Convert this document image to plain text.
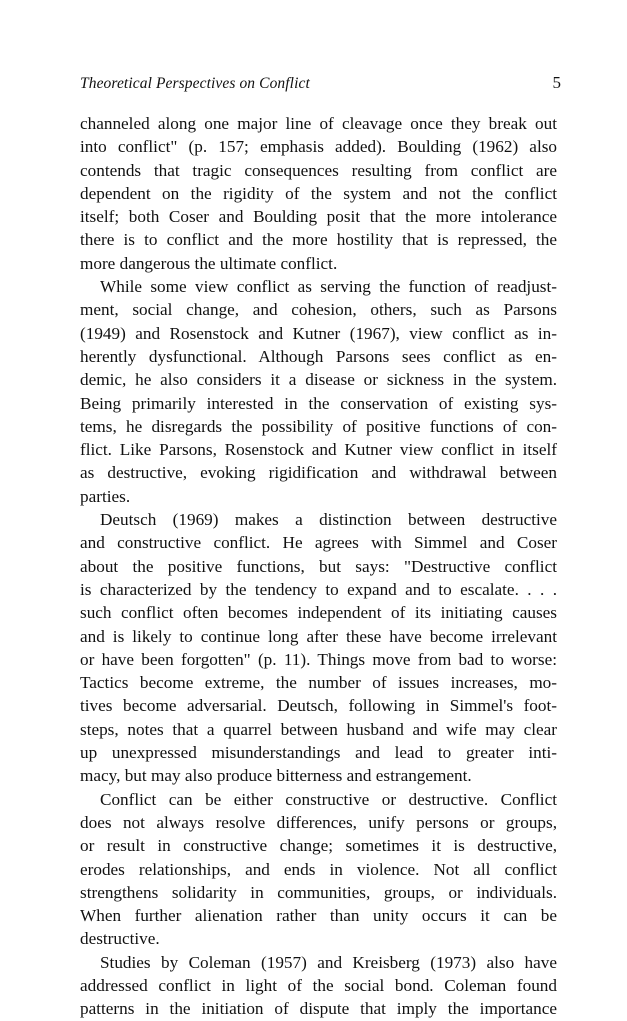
Theoretical Perspectives on Conflict	5
channeled along one major line of cleavage once they break out
into conflict" (p. 157; emphasis added). Boulding (1962) also
contends that tragic consequences resulting from conflict are
dependent on the rigidity of the system and not the conflict
itself; both Coser and Boulding posit that the more intolerance
there is to conflict and the more hostility that is repressed, the
more dangerous the ultimate conflict.
While some view conflict as serving the function of readjust-
ment, social change, and cohesion, others, such as Parsons
(1949) and Rosenstock and Kutner (1967), view conflict as in-
herently dysfunctional. Although Parsons sees conflict as en-
demic, he also considers it a disease or sickness in the system.
Being primarily interested in the conservation of existing sys-
tems, he disregards the possibility of positive functions of con-
flict. Like Parsons, Rosenstock and Kutner view conflict in itself
as destructive, evoking rigidification and withdrawal between
parties.
Deutsch (1969) makes a distinction between destructive
and constructive conflict. He agrees with Simmel and Coser
about the positive functions, but says: "Destructive conflict
is characterized by the tendency to expand and to escalate. . . .
such conflict often becomes independent of its initiating causes
and is likely to continue long after these have become irrelevant
or have been forgotten" (p. 11). Things move from bad to worse:
Tactics become extreme, the number of issues increases, mo-
tives become adversarial. Deutsch, following in Simmel's foot-
steps, notes that a quarrel between husband and wife may clear
up unexpressed misunderstandings and lead to greater inti-
macy, but may also produce bitterness and estrangement.
Conflict can be either constructive or destructive. Conflict
does not always resolve differences, unify persons or groups,
or result in constructive change; sometimes it is destructive,
erodes relationships, and ends in violence. Not all conflict
strengthens solidarity in communities, groups, or individuals.
When further alienation rather than unity occurs it can be
destructive.
Studies by Coleman (1957) and Kreisberg (1973) also have
addressed conflict in light of the social bond. Coleman found
patterns in the initiation of dispute that imply the importance
